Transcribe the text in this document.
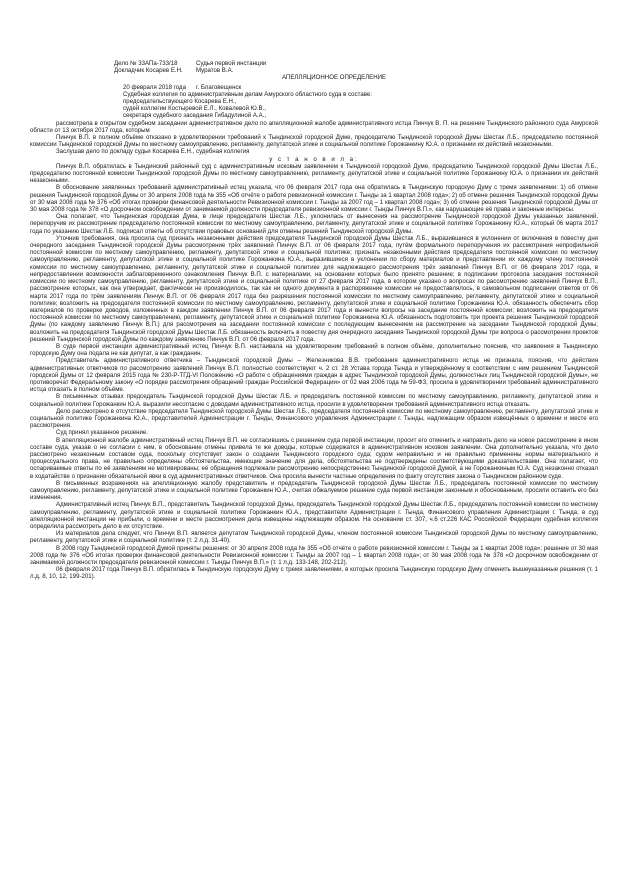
Дело № 33АПа-733/18	Судья первой инстанции
Докладчик Косарев Е.Н.	Муратов В.А.
АПЕЛЛЯЦИОННОЕ ОПРЕДЕЛЕНИЕ
20 февраля 2018 года	г. Благовещенск

Судебная коллегия по административным делам Амурского областного суда в составе:

председательствующего Косарева Е.Н.,

судей коллегии Костыревой Е.Л., Ковалевой Ю.В.,

секретаря судебного заседания Гибадулиной А.А.,

рассмотрела в открытом судебном заседании административное дело по апелляционной жалобе административного истца Пинчук В. П. на решение Тындинского районного суда Амурской области от 13 октября 2017 года, которым

Пинчук В.П. в полном объёме отказано в удовлетворении требований к Тындинской городской Думе, председателю Тындинской городской Думы Шестак Л.Б., председателю постоянной комиссии Тындинской городской Думы по местному самоуправлению, регламенту, депутатской этике и социальной политике Горожанкину Ю.А. о признании их действий незаконными.

Заслушав дело по докладу судьи Косарева Е.Н., судебная коллегия

у с т а н о в и л а:

Пинчук В.П. обратилась в Тындинский районный суд с административным исковым заявлением к Тындинской городской Думе, председателю Тындинской городской Думы Шестак Л.Б., председателю постоянной комиссии Тындинской городской Думы по местному самоуправлению, регламенту, депутатской этике и социальной политике Горожанкину Ю.А. о признании их действий незаконными.

В обоснование заявленных требований административный истец указала, что 06 февраля 2017 года она обратилась в Тындинскую городскую Думу с тремя заявлениями: 1) об отмене решения Тындинской городской Думы от 30 апреля 2008 года № 355 «Об отчёте о работе ревизионной комиссии г. Тынды за 1 квартал 2008 года»; 2) об отмене решения Тындинской городской Думы от 30 мая 2008 года № 376 «Об итогах проверки финансовой деятельности Ревизионной комиссии г. Тынды за 2007 год – 1 квартал 2008 года»; 3) об отмене решения Тындинской городской Думы от 30 мая 2008 года № 378 «О досрочном освобождении от занимаемой должности председателя ревизионной комиссии г. Тынды Пинчук В.П.», как нарушающие её права и законные интересы.

Она полагает, что Тындинская городская Дума, в лице председателя Шестак Л.Б., уклонилась от вынесения на рассмотрение Тындинской городской Думы указанных заявлений, перепоручив их рассмотрение председателю постоянной комиссии по местному самоуправлению, регламенту, депутатской этике и социальной политике Горожанкину Ю.А., который 06 марта 2017 года по указанию Шестак Л.Б. подписал ответы об отсутствии правовых оснований для отмены решений Тындинской городской Думы.

Уточнив требования, она просила суд признать незаконными действия председателя Тындинской городской Думы Шестак Л.Б., выразившиеся в уклонении от включения в повестку дня очередного заседания Тындинской городской Думы рассмотрение трёх заявлений Пинчук В.П. от 06 февраля 2017 года, путём формального перепоручения их рассмотрения непрофильной постоянной комиссии по местному самоуправлению, регламенту, депутатской этике и социальной политике; признать незаконными действия председателя постоянной комиссии по местному самоуправлению, регламенту, депутатской этике и социальной политике Горожанкина Ю.А., выразившиеся в уклонении по сбору материалов и представлении их каждому члену постоянной комиссии по местному самоуправлению, регламенту, депутатской этике и социальной политике для надлежащего рассмотрения трёх заявлений Пинчук В.П. от 06 февраля 2017 года, в непредоставлении возможности заблаговременного ознакомления Пинчук В.П. с материалами, на основании которых было принято решение; в подписании протокола заседания постоянной комиссии по местному самоуправлению, регламенту, депутатской этике и социальной политике от 27 февраля 2017 года, в котором указано о вопросах по рассмотрению заявлений Пинчук В.П., рассмотрение которых, как она утверждает, фактически не производилось, так как ни одного документа в распоряжение комиссии не предоставлялось, в самовольном подписании ответов от 06 марта 2017 года по трём заявлениям Пинчук В.П. от 06 февраля 2017 года без разрешения постоянной комиссии по местному самоуправлению, регламенту, депутатской этике и социальной политике; возложить на председателя постоянной комиссии по местному самоуправлению, регламенту, депутатской этике и социальной политике Горожанкина Ю.А. обязанность обеспечить сбор материалов по проверке доводов, изложенных в каждом заявлении Пинчук В.П. от 06 февраля 2017 года и вынести вопросы на заседание постоянной комиссии; возложить на председателя постоянной комиссии по местному самоуправлению, регламенту, депутатской этике и социальной политике Горожанкина Ю.А. обязанность подготовить три проекта решения Тындинской городской Думы (по каждому заявлению Пинчук В.П.) для рассмотрения на заседании постоянной комиссии с последующим вынесением на рассмотрение на заседании Тындинской городской Думы; возложить на председателя Тындинской городской Думы Шестак Л.Б. обязанность включить в повестку дня очередного заседания Тындинской городской Думы три вопроса о рассмотрении проектов решений Тындинской городской Думы по каждому заявлению Пинчук В.П. от 06 февраля 2017 года.

В суде первой инстанции административный истец Пинчук В.П. настаивала на удовлетворении требований в полном объёме, дополнительно пояснив, что заявления в Тындинскую городскую Думу она подала не как депутат, а как гражданин.

Представитель административного ответчика – Тындинской городской Думы – Железникова В.В. требования административного истца не признала, пояснив, что действия административных ответчиков по рассмотрению заявлений Пинчук В.П. полностью соответствуют ч. 2 ст. 28 Устава города Тында и утверждённому в соответствии с ним решением Тындинской городской Думы от 12 февраля 2015 года № 230-Р-ТГД-VI Положению «О работе с обращениями граждан в адрес Тындинской городской Думы, должностных лиц Тындинской городской Думы», не противоречат Федеральному закону «О порядке рассмотрения обращений граждан Российской Федерации» от 02 мая 2006 года № 59-ФЗ, просила в удовлетворении требований административного истца отказать в полном объёме.

В письменных отзывах председатель Тындинской городской Думы Шестак Л.Б. и председатель постоянной комиссии по местному самоуправлению, регламенту, депутатской этике и социальной политике Горожанкин Ю.А. выразили несогласие с доводами административного истца, просили в удовлетворении требований административного истца отказать.

Дело рассмотрено в отсутствие председателя Тындинской городской Думы Шестак Л.Б., председателя постоянной комиссии по местному самоуправлению, регламенту, депутатской этике и социальной политике Горожанкина Ю.А., представителей Администрации г. Тынды, Финансового управления Администрации г. Тынды, надлежащим образом извещённых о времени и месте его рассмотрения.

Суд принял указанное решение.

В апелляционной жалобе административный истец Пинчук В.П. не согласившись с решением суда первой инстанции, просит его отменить и направить дело на новое рассмотрение в ином составе суда, указав о не согласии с ним, в обоснование отмены привела те же доводы, которые содержатся в административном исковом заявлении. Она дополнительно указала, что дело рассмотрено незаконным составом суда, поскольку отсутствует закон о создании Тындинского городского суда; судом неправильно и не правильно применены нормы материального и процессуального права, не правильно определены обстоятельства, имеющие значение для дела, обстоятельства не подтверждены соответствующими доказательствами. Она полагает, что оспариваемые ответы по её заявлениям не мотивированы; её обращения подлежали рассмотрению непосредственно Тындинской городской Думой, а не Горожанкиным Ю.А. Суд незаконно отказал в ходатайстве о признании обязательной явки в суд административных ответчиков. Она просила вынести частные определения по факту отсутствия закона о Тындинском районном суде.

В письменных возражениях на апелляционную жалобу представитель и председатель Тындинской городской Думы Шестак Л.Б., председатель постоянной комиссии по местному самоуправлению, регламенту, депутатской этике и социальной политике Горожанкин Ю.А., считая обжалуемое решение суда первой инстанции законным и обоснованным, просили оставить его без изменения.

Административный истец Пинчук В.П., представитель Тындинской городской Думы, председатель Тындинской городской Думы Шестак Л.Б., председатель постоянной комиссии по местному самоуправлению, регламенту, депутатской этике и социальной политике Горожанкин Ю.А., представители Администрации г. Тында, Финансового управления Администрации г. Тында, в суд апелляционной инстанции не прибыли, о времени и месте рассмотрения дела извещены надлежащим образом. На основании ст. 307, ч.6 ст.226 КАС Российской Федерации судебная коллегия определила рассмотреть дело в их отсутствие.

Из материалов дела следует, что Пинчук В.П. является депутатом Тындинской городской Думы, членом постоянной комиссии Тындинской городской Думы по местному самоуправлению, регламенту, депутатской этике и социальной политике (т. 2 л.д. 31-40).

В 2008 году Тындинской городской Думой приняты решения: от 30 апреля 2008 года № 355 «Об отчёте о работе ревизионной комиссии г. Тынды за 1 квартал 2008 года»; решение от 30 мая 2008 года № 376 «Об итогах проверки финансовой деятельности Ревизионной комиссии г. Тынды за 2007 год – 1 квартал 2008 года»; от 30 мая 2008 года № 378 «О досрочном освобождении от занимаемой должности председателя ревизионной комиссии г. Тынды Пинчук В.П.» (т. 1 л.д. 133-148, 202-212).

06 февраля 2017 года Пинчук В.П. обратилась в Тындинскую городскую Думу с тремя заявлениями, в которых просила Тындинскую городскую Думу отменить вышеуказанные решения (т. 1 л.д. 8, 10, 12, 199-201).
